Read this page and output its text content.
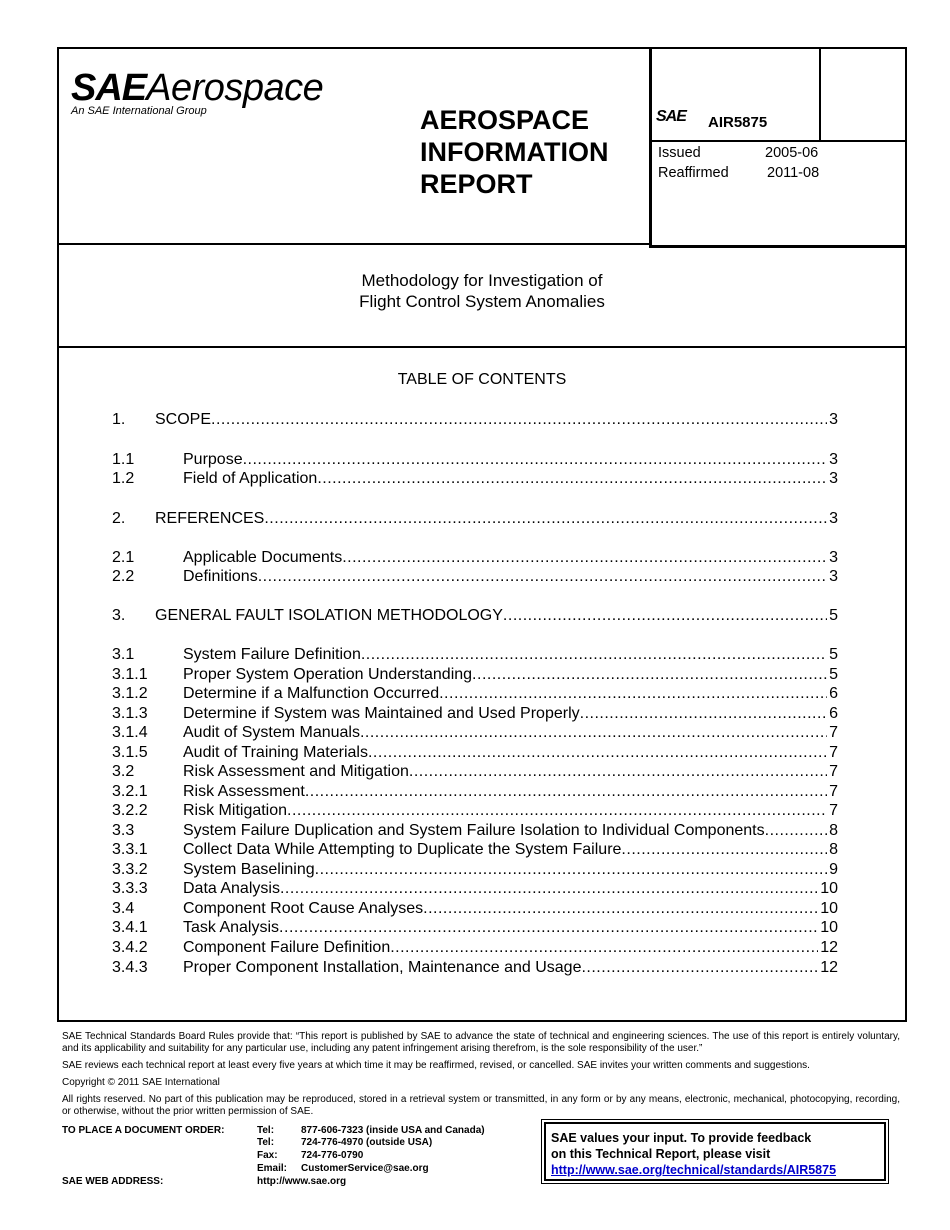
SAEAerospace
An SAE International Group	AEROSPACE
INFORMATION
REPORT
SAE AIR5875
Issued	2005-06
Reaffirmed	2011-08
Methodology for Investigation of
Flight Control System Anomalies
TABLE OF CONTENTS
1. SCOPE .....	3
1.1	Purpose .....	3
1.2	Field of Application .....	3
2. REFERENCES .....	3
2.1	Applicable Documents .....	3
2.2	Definitions .....	3
3. GENERAL FAULT ISOLATION METHODOLOGY .....	5
3.1	System Failure Definition .....	5
3.1.1 Proper System Operation Understanding .....	5
3.1.2 Determine if a Malfunction Occurred .....	6
3.1.3 Determine if System was Maintained and Used Properly .....	6
3.1.4 Audit of System Manuals .....	7
3.1.5 Audit of Training Materials .....	7
3.2	Risk Assessment and Mitigation .....	7
3.2.1 Risk Assessment .....	7
3.2.2 Risk Mitigation .....	7
3.3	System Failure Duplication and System Failure Isolation to Individual Components .....	8
3.3.1 Collect Data While Attempting to Duplicate the System Failure .....	8
3.3.2 System Baselining .....	9
3.3.3 Data Analysis .....	10
3.4	Component Root Cause Analyses .....	10
3.4.1 Task Analysis .....	10
3.4.2 Component Failure Definition .....	12
3.4.3 Proper Component Installation, Maintenance and Usage .....	12
SAE Technical Standards Board Rules provide that: “This report is published by SAE to advance the state of technical and engineering sciences. The use of this report is entirely voluntary, and its applicability and suitability for any particular use, including any patent infringement arising therefrom, is the sole responsibility of the user.”
SAE reviews each technical report at least every five years at which time it may be reaffirmed, revised, or cancelled. SAE invites your written comments and suggestions.
Copyright © 2011 SAE International
All rights reserved. No part of this publication may be reproduced, stored in a retrieval system or transmitted, in any form or by any means, electronic, mechanical, photocopying, recording, or otherwise, without the prior written permission of SAE.
TO PLACE A DOCUMENT ORDER:
SAE WEB ADDRESS:
Tel:	877-606-7323 (inside USA and Canada)
Tel:	724-776-4970 (outside USA)
Fax: 724-776-0790
Email: CustomerService@sae.org
http://www.sae.org
SAE values your input. To provide feedback
on this Technical Report, please visit
http://www.sae.org/technical/standards/AIR5875
